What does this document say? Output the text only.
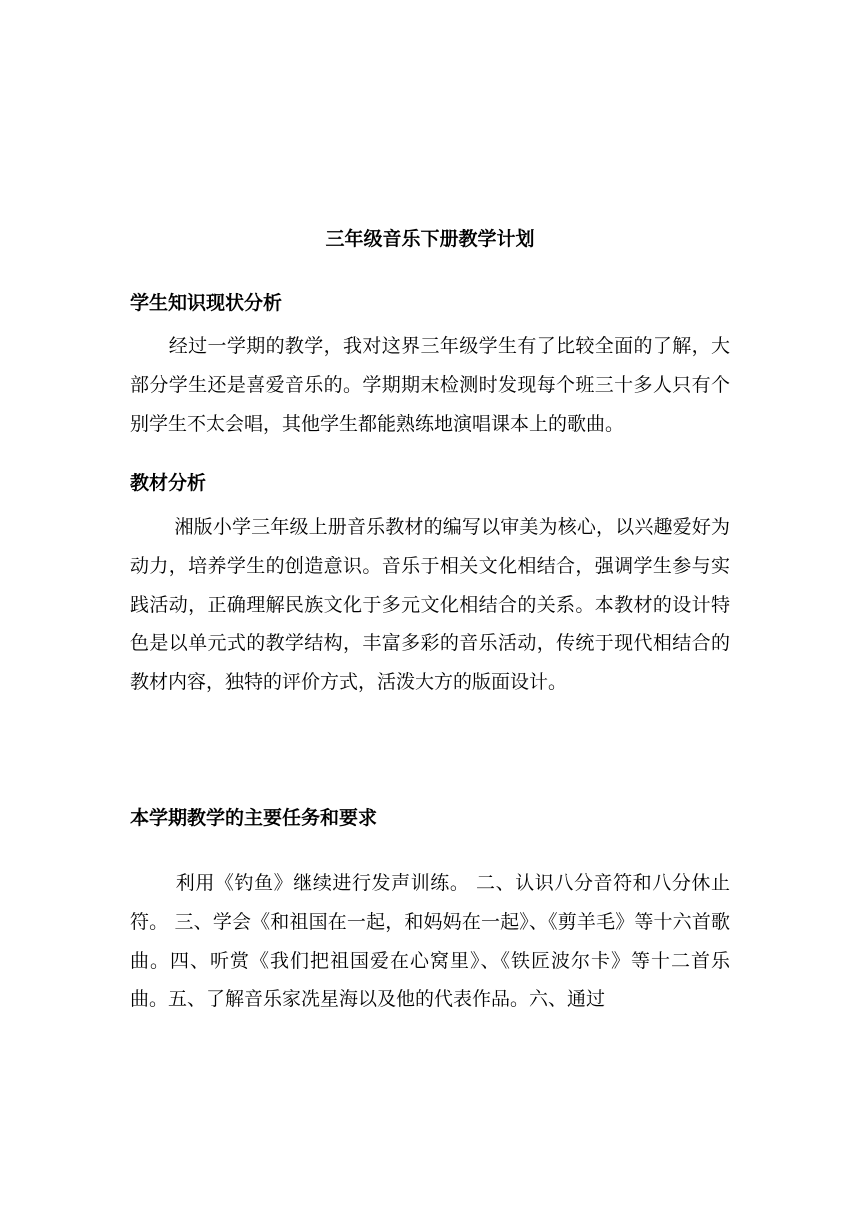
三年级音乐下册教学计划
学生知识现状分析

　　经过一学期的教学，我对这界三年级学生有了比较全面的了解，大部分学生还是喜爱音乐的。学期期末检测时发现每个班三十多人只有个别学生不太会唱，其他学生都能熟练地演唱课本上的歌曲。

教材分析

　　 湘版小学三年级上册音乐教材的编写以审美为核心，以兴趣爱好为动力，培养学生的创造意识。音乐于相关文化相结合，强调学生参与实践活动，正确理解民族文化于多元文化相结合的关系。本教材的设计特色是以单元式的教学结构，丰富多彩的音乐活动，传统于现代相结合的教材内容，独特的评价方式，活泼大方的版面设计。

本学期教学的主要任务和要求

　　 利用《钓鱼》继续进行发声训练。 二、认识八分音符和八分休止符。 三、学会《和祖国在一起，和妈妈在一起》、《剪羊毛》等十六首歌曲。四、听赏《我们把祖国爱在心窝里》、《铁匠波尔卡》等十二首乐曲。五、了解音乐家冼星海以及他的代表作品。六、通过
